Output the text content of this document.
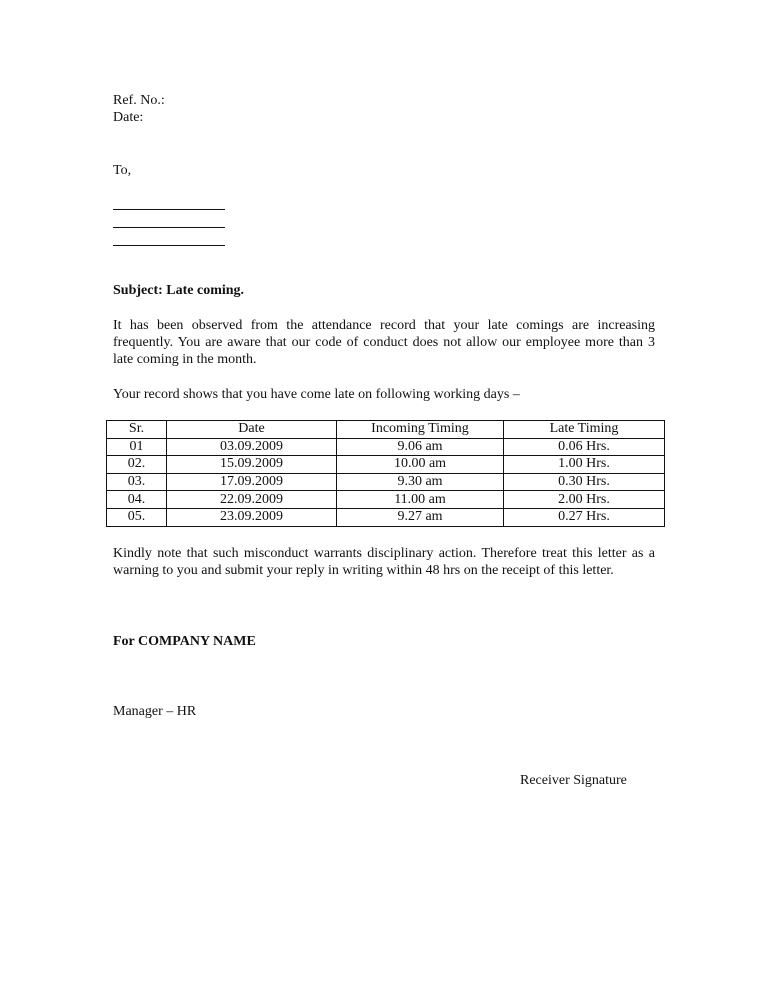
Ref. No.:
Date:
To,
Subject: Late coming.
It has been observed from the attendance record that your late comings are increasing frequently. You are aware that our code of conduct does not allow our employee more than 3 late coming in the month.
Your record shows that you have come late on following working days –
Sr.	Date	Incoming Timing	Late Timing
01	03.09.2009	9.06 am	0.06 Hrs.
02.	15.09.2009	10.00 am	1.00 Hrs.
03.	17.09.2009	9.30 am	0.30 Hrs.
04.	22.09.2009	11.00 am	2.00 Hrs.
05.	23.09.2009	9.27 am	0.27 Hrs.
Kindly note that such misconduct warrants disciplinary action. Therefore treat this letter as a warning to you and submit your reply in writing within 48 hrs on the receipt of this letter.
For COMPANY NAME
Manager – HR
Receiver Signature
